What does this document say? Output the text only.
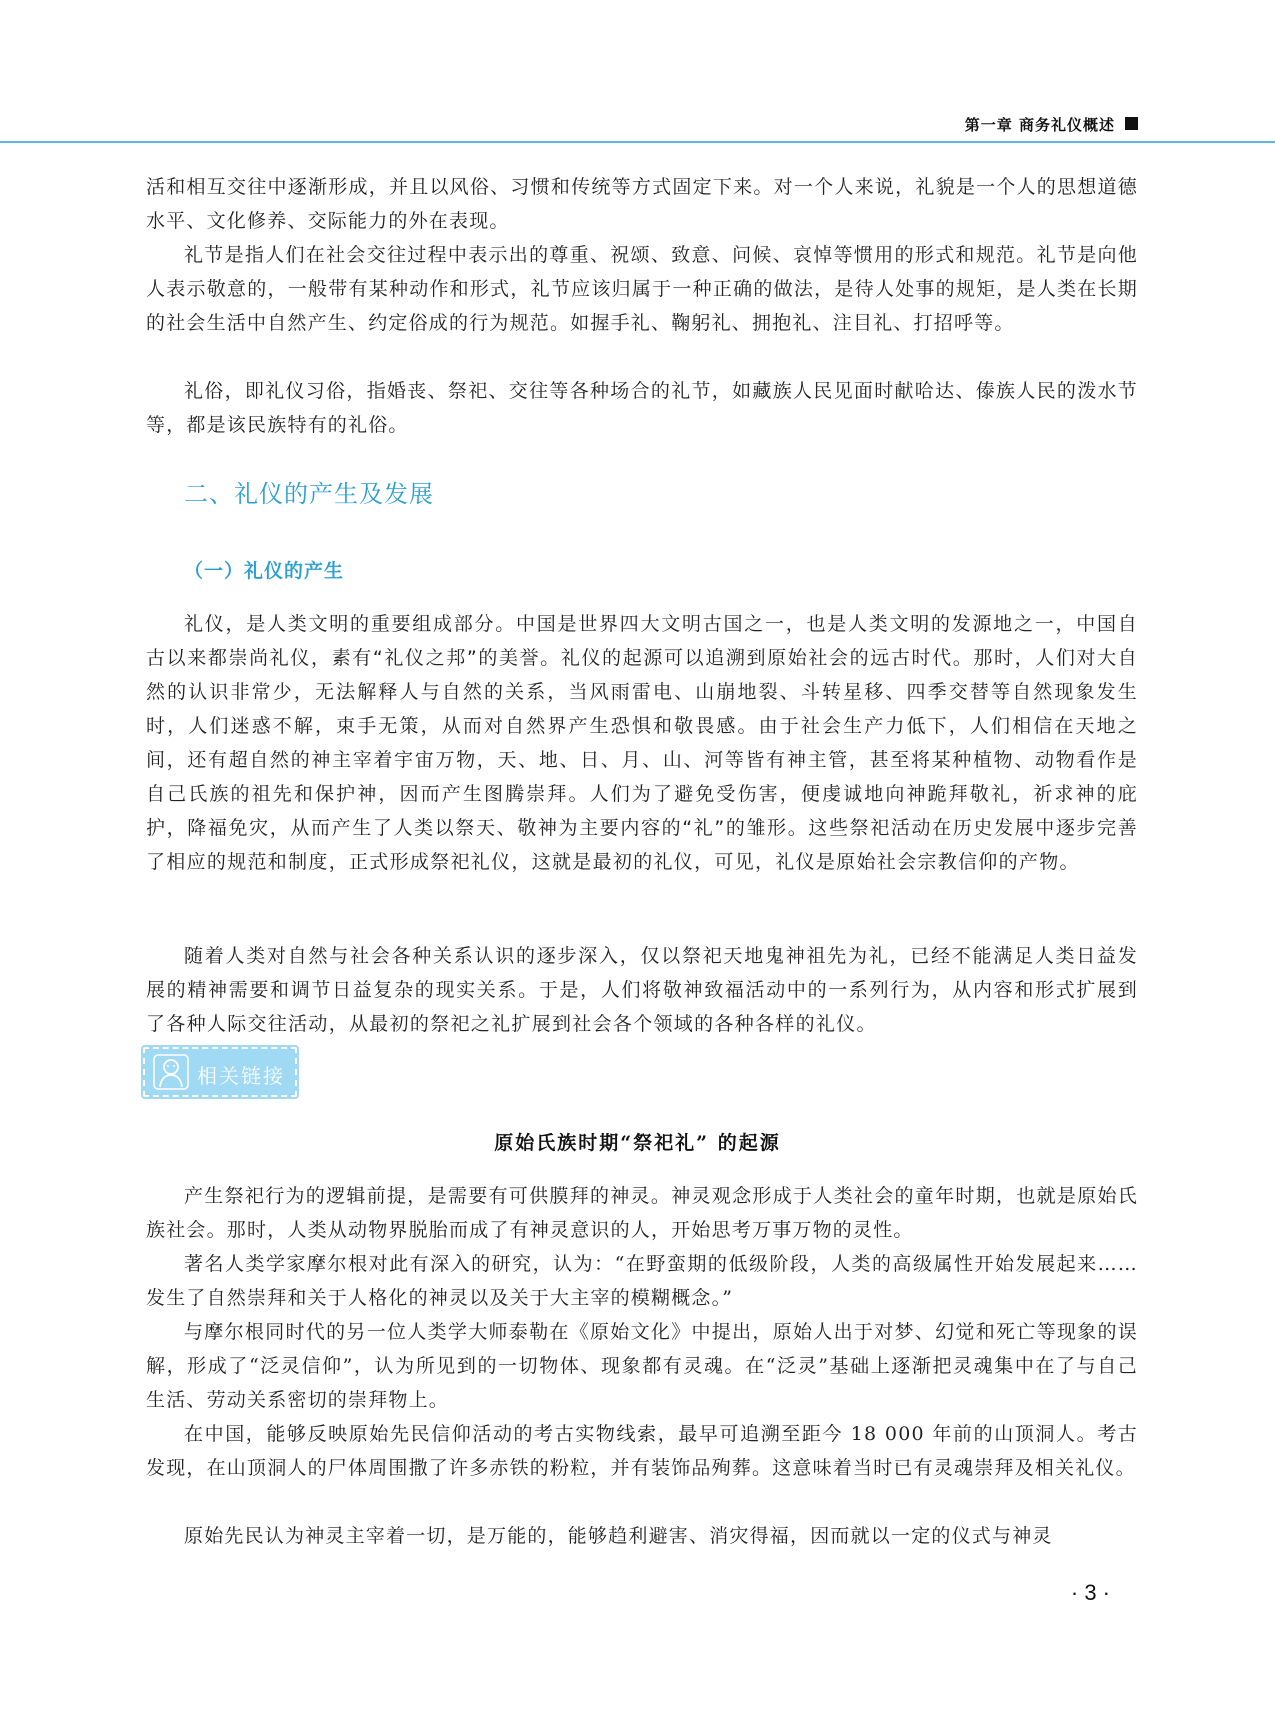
第一章 商务礼仪概述

活和相互交往中逐渐形成，并且以风俗、习惯和传统等方式固定下来。对一个人来说，礼貌是一个人的思想道德水平、文化修养、交际能力的外在表现。

礼节是指人们在社会交往过程中表示出的尊重、祝颂、致意、问候、哀悼等惯用的形式和规范。礼节是向他人表示敬意的，一般带有某种动作和形式，礼节应该归属于一种正确的做法，是待人处事的规矩，是人类在长期的社会生活中自然产生、约定俗成的行为规范。如握手礼、鞠躬礼、拥抱礼、注目礼、打招呼等。

礼俗，即礼仪习俗，指婚丧、祭祀、交往等各种场合的礼节，如藏族人民见面时献哈达、傣族人民的泼水节等，都是该民族特有的礼俗。

二、礼仪的产生及发展
（一）礼仪的产生

礼仪，是人类文明的重要组成部分。中国是世界四大文明古国之一，也是人类文明的发源地之一，中国自古以来都崇尚礼仪，素有“礼仪之邦”的美誉。礼仪的起源可以追溯到原始社会的远古时代。那时，人们对大自然的认识非常少，无法解释人与自然的关系，当风雨雷电、山崩地裂、斗转星移、四季交替等自然现象发生时，人们迷惑不解，束手无策，从而对自然界产生恐惧和敬畏感。由于社会生产力低下，人们相信在天地之间，还有超自然的神主宰着宇宙万物，天、地、日、月、山、河等皆有神主管，甚至将某种植物、动物看作是自己氏族的祖先和保护神，因而产生图腾崇拜。人们为了避免受伤害，便虔诚地向神跪拜敬礼，祈求神的庇护，降福免灾，从而产生了人类以祭天、敬神为主要内容的“礼”的雏形。这些祭祀活动在历史发展中逐步完善了相应的规范和制度，正式形成祭祀礼仪，这就是最初的礼仪，可见，礼仪是原始社会宗教信仰的产物。

随着人类对自然与社会各种关系认识的逐步深入，仅以祭祀天地鬼神祖先为礼，已经不能满足人类日益发展的精神需要和调节日益复杂的现实关系。于是，人们将敬神致福活动中的一系列行为，从内容和形式扩展到了各种人际交往活动，从最初的祭祀之礼扩展到社会各个领域的各种各样的礼仪。

相关链接
原始氏族时期“祭祀礼” 的起源

产生祭祀行为的逻辑前提，是需要有可供膜拜的神灵。神灵观念形成于人类社会的童年时期，也就是原始氏族社会。那时，人类从动物界脱胎而成了有神灵意识的人，开始思考万事万物的灵性。

著名人类学家摩尔根对此有深入的研究，认为：“在野蛮期的低级阶段，人类的高级属性开始发展起来……发生了自然崇拜和关于人格化的神灵以及关于大主宰的模糊概念。”

与摩尔根同时代的另一位人类学大师泰勒在《原始文化》中提出，原始人出于对梦、幻觉和死亡等现象的误解，形成了“泛灵信仰”，认为所见到的一切物体、现象都有灵魂。在“泛灵”基础上逐渐把灵魂集中在了与自己生活、劳动关系密切的崇拜物上。

在中国，能够反映原始先民信仰活动的考古实物线索，最早可追溯至距今 18 000 年前的山顶洞人。考古发现，在山顶洞人的尸体周围撒了许多赤铁的粉粒，并有装饰品殉葬。这意味着当时已有灵魂崇拜及相关礼仪。

原始先民认为神灵主宰着一切，是万能的，能够趋利避害、消灾得福，因而就以一定的仪式与神灵

· 3 ·
